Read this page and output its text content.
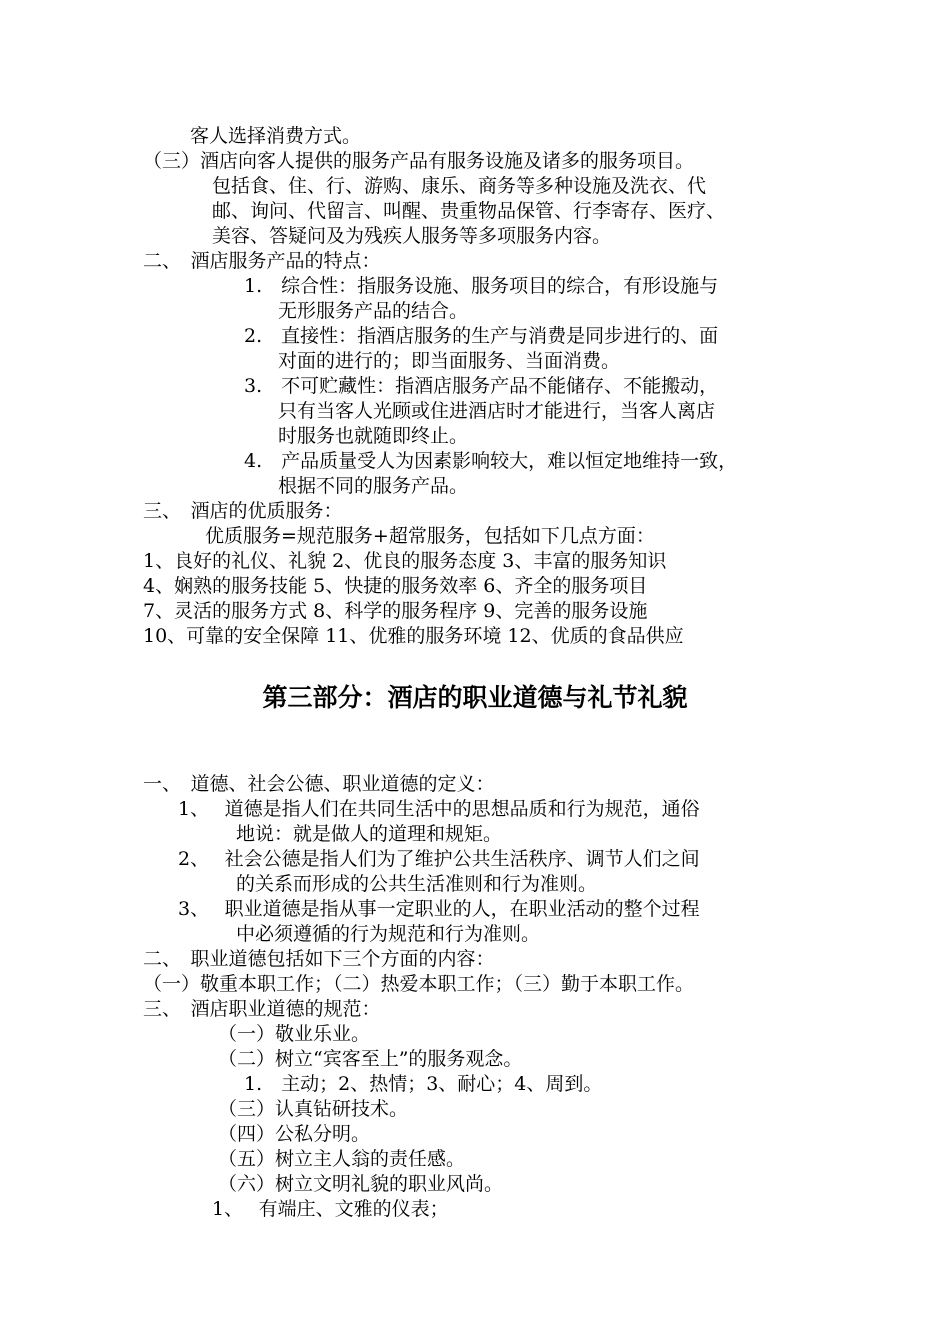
客人选择消费方式。
（三）酒店向客人提供的服务产品有服务设施及诸多的服务项目。
包括食、住、行、游购、康乐、商务等多种设施及洗衣、代
邮、询问、代留言、叫醒、贵重物品保管、行李寄存、医疗、
美容、答疑问及为残疾人服务等多项服务内容。
二、　酒店服务产品的特点：
1.　综合性：指服务设施、服务项目的综合，有形设施与
无形服务产品的结合。
2.　直接性：指酒店服务的生产与消费是同步进行的、面
对面的进行的；即当面服务、当面消费。
3.　不可贮藏性：指酒店服务产品不能储存、不能搬动，
只有当客人光顾或住进酒店时才能进行，当客人离店
时服务也就随即终止。
4.　产品质量受人为因素影响较大，难以恒定地维持一致，
根据不同的服务产品。
三、　酒店的优质服务：
优质服务=规范服务+超常服务，包括如下几点方面：
1、良好的礼仪、礼貌 2、优良的服务态度 3、丰富的服务知识
4、娴熟的服务技能 5、快捷的服务效率 6、齐全的服务项目
7、灵活的服务方式 8、科学的服务程序 9、完善的服务设施
10、可靠的安全保障 11、优雅的服务环境 12、优质的食品供应
第三部分：酒店的职业道德与礼节礼貌
一、　道德、社会公德、职业道德的定义：
1、　 道德是指人们在共同生活中的思想品质和行为规范，通俗
地说：就是做人的道理和规矩。
2、　 社会公德是指人们为了维护公共生活秩序、调节人们之间
的关系而形成的公共生活准则和行为准则。
3、　 职业道德是指从事一定职业的人，在职业活动的整个过程
中必须遵循的行为规范和行为准则。
二、　职业道德包括如下三个方面的内容：
（一）敬重本职工作；（二）热爱本职工作；（三）勤于本职工作。
三、　酒店职业道德的规范：
（一）敬业乐业。
（二）树立“宾客至上”的服务观念。
1.　主动；2、热情；3、耐心；4、周到。
（三）认真钻研技术。
（四）公私分明。
（五）树立主人翁的责任感。
（六）树立文明礼貌的职业风尚。
1、　 有端庄、文雅的仪表；
